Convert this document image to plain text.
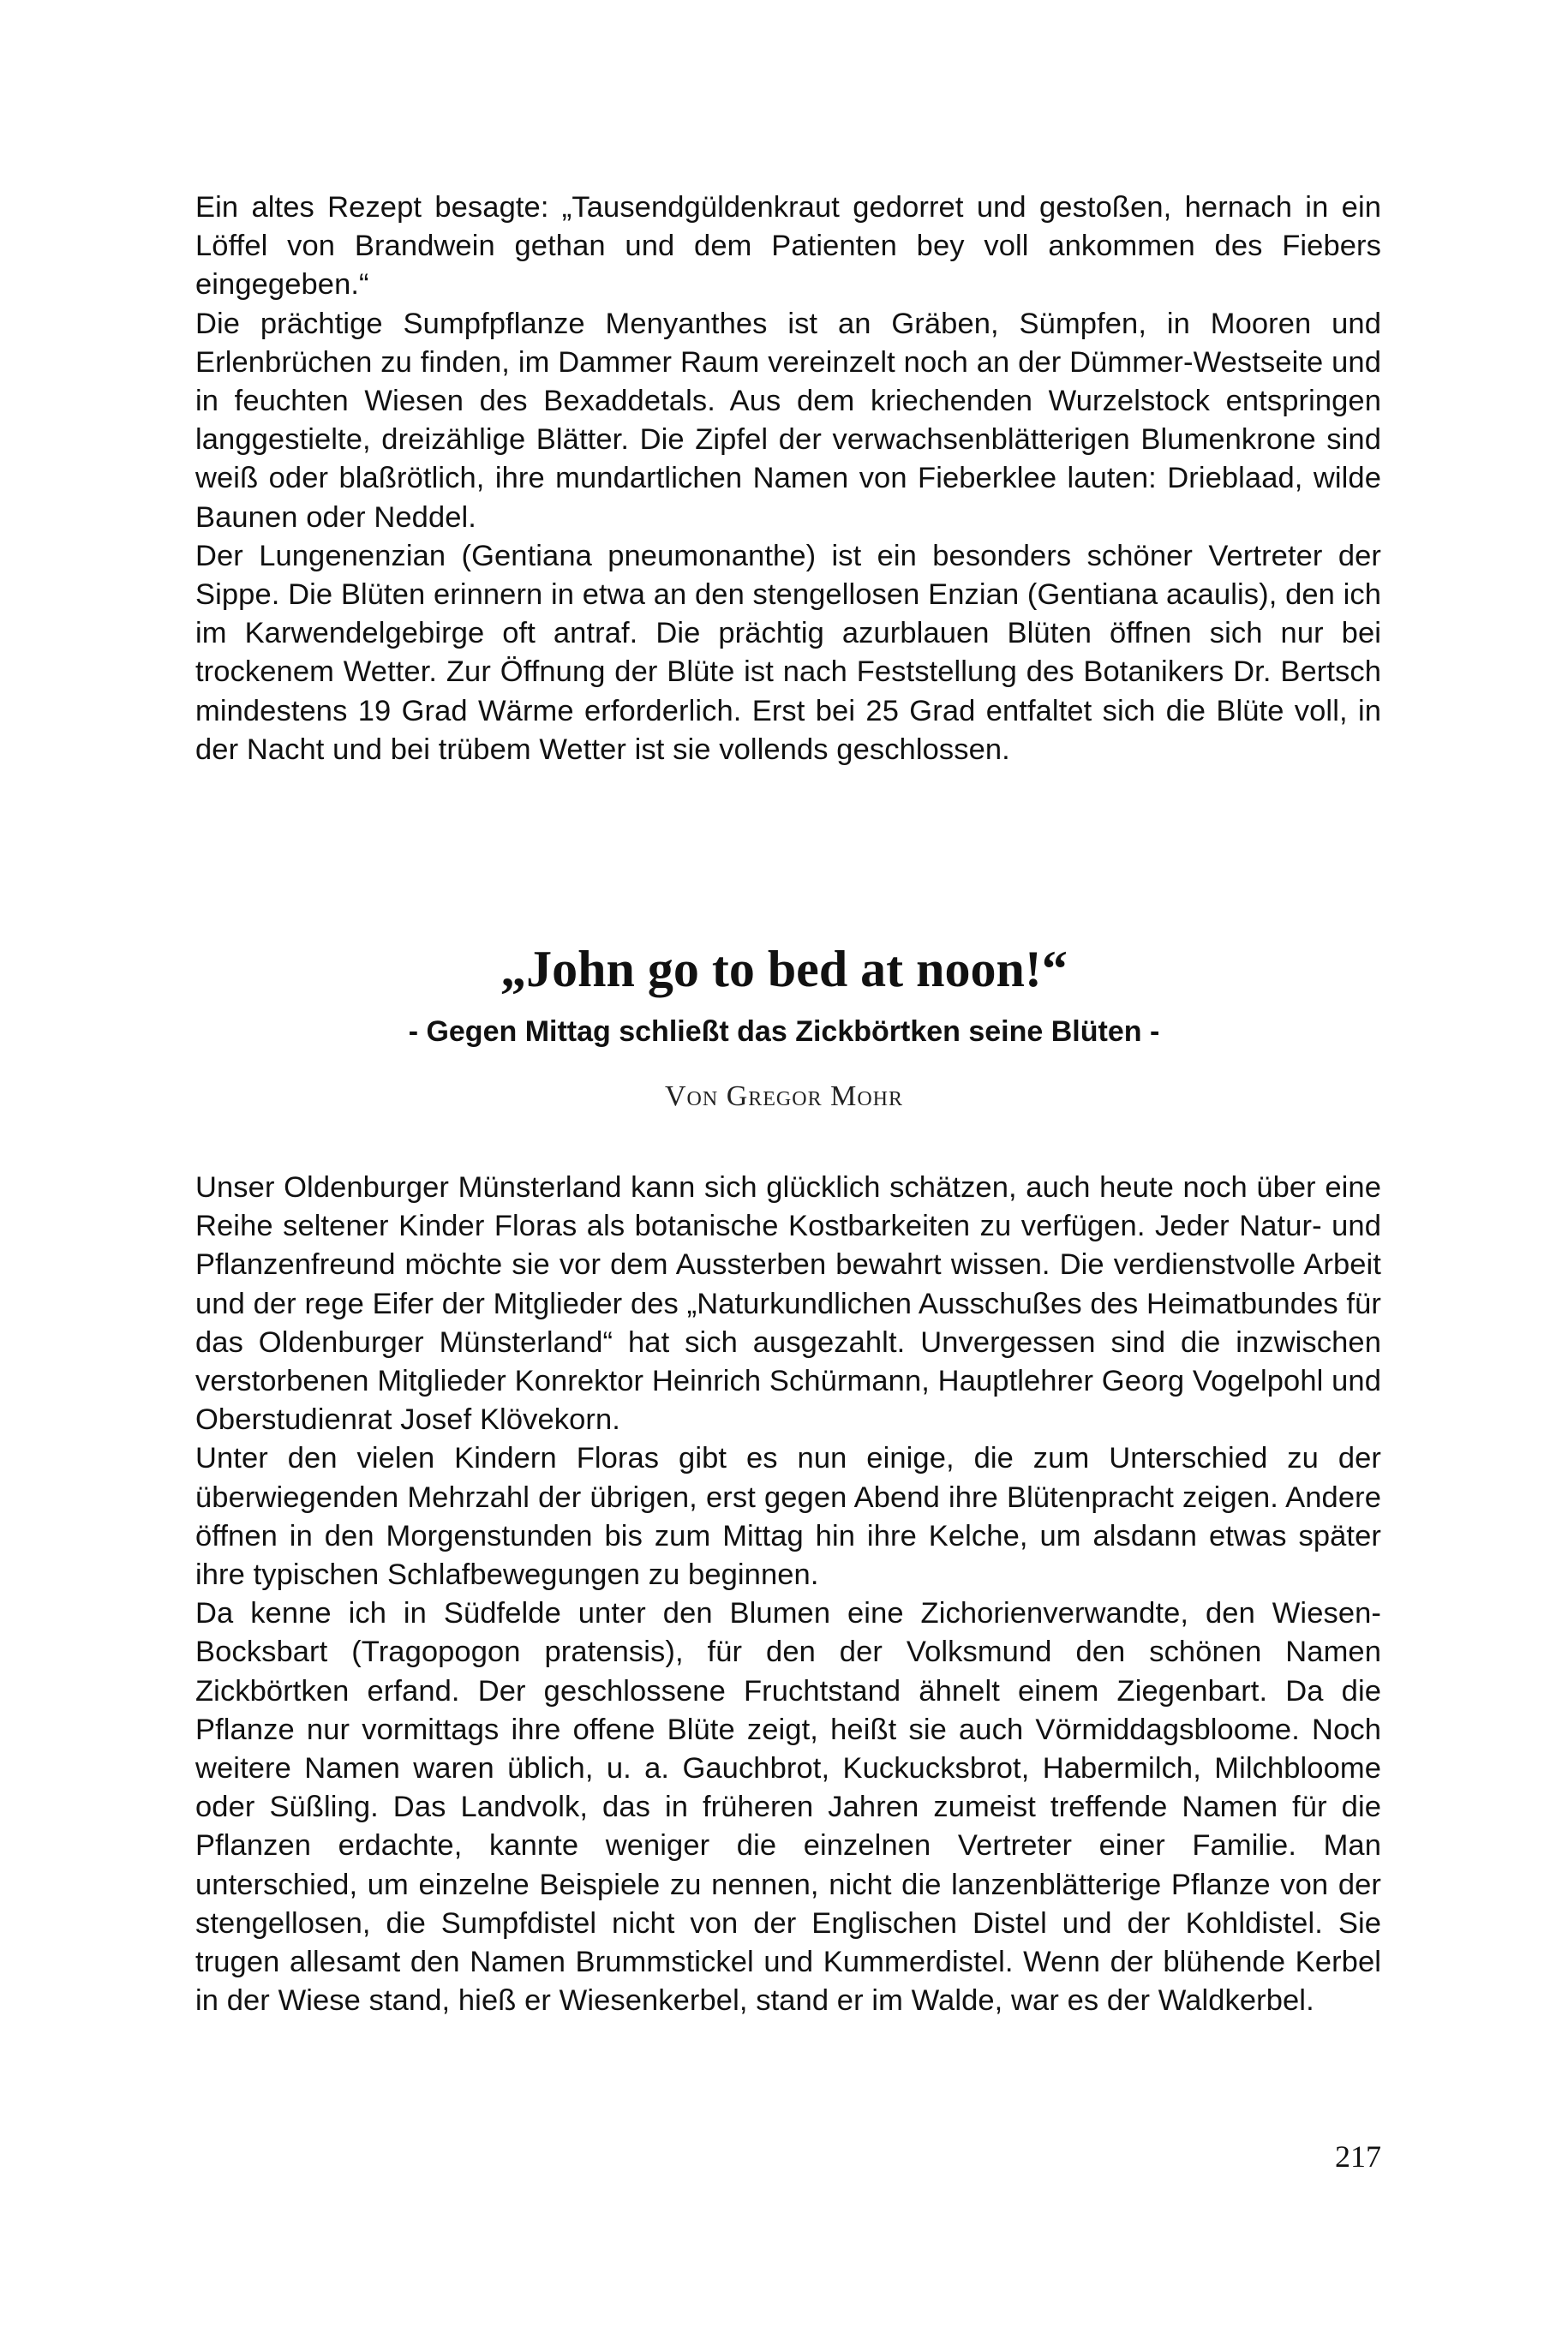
Ein altes Rezept besagte: „Tausendgüldenkraut gedorret und gestoßen, hernach in ein Löffel von Brandwein gethan und dem Patienten bey voll ankommen des Fiebers eingegeben.“

Die prächtige Sumpfpflanze Menyanthes ist an Gräben, Sümpfen, in Mooren und Erlenbrüchen zu finden, im Dammer Raum vereinzelt noch an der Dümmer-Westseite und in feuchten Wiesen des Bexaddetals. Aus dem kriechenden Wurzelstock entspringen langgestielte, dreizählige Blätter. Die Zipfel der verwachsenblätterigen Blumenkrone sind weiß oder blaßrötlich, ihre mundartlichen Namen von Fieberklee lauten: Drieblaad, wilde Baunen oder Neddel.

Der Lungenenzian (Gentiana pneumonanthe) ist ein besonders schöner Vertreter der Sippe. Die Blüten erinnern in etwa an den stengellosen Enzian (Gentiana acaulis), den ich im Karwendelgebirge oft antraf. Die prächtig azurblauen Blüten öffnen sich nur bei trockenem Wetter. Zur Öffnung der Blüte ist nach Feststellung des Botanikers Dr. Bertsch mindestens 19 Grad Wärme erforderlich. Erst bei 25 Grad entfaltet sich die Blüte voll, in der Nacht und bei trübem Wetter ist sie vollends geschlossen.

„John go to bed at noon!“
- Gegen Mittag schließt das Zickbörtken seine Blüten -
Von Gregor Mohr

Unser Oldenburger Münsterland kann sich glücklich schätzen, auch heute noch über eine Reihe seltener Kinder Floras als botanische Kostbarkeiten zu verfügen. Jeder Natur- und Pflanzenfreund möchte sie vor dem Aussterben bewahrt wissen. Die verdienstvolle Arbeit und der rege Eifer der Mitglieder des „Naturkundlichen Ausschußes des Heimatbundes für das Oldenburger Münsterland“ hat sich ausgezahlt. Unvergessen sind die inzwischen verstorbenen Mitglieder Konrektor Heinrich Schürmann, Hauptlehrer Georg Vogelpohl und Oberstudienrat Josef Klövekorn.

Unter den vielen Kindern Floras gibt es nun einige, die zum Unterschied zu der überwiegenden Mehrzahl der übrigen, erst gegen Abend ihre Blütenpracht zeigen. Andere öffnen in den Morgenstunden bis zum Mittag hin ihre Kelche, um alsdann etwas später ihre typischen Schlafbewegungen zu beginnen.

Da kenne ich in Südfelde unter den Blumen eine Zichorienverwandte, den Wiesen-Bocksbart (Tragopogon pratensis), für den der Volksmund den schönen Namen Zickbörtken erfand. Der geschlossene Fruchtstand ähnelt einem Ziegenbart. Da die Pflanze nur vormittags ihre offene Blüte zeigt, heißt sie auch Vörmiddagsbloome. Noch weitere Namen waren üblich, u. a. Gauchbrot, Kuckucksbrot, Habermilch, Milchbloome oder Süßling. Das Landvolk, das in früheren Jahren zumeist treffende Namen für die Pflanzen erdachte, kannte weniger die einzelnen Vertreter einer Familie. Man unterschied, um einzelne Beispiele zu nennen, nicht die lanzenblätterige Pflanze von der stengellosen, die Sumpfdistel nicht von der Englischen Distel und der Kohldistel. Sie trugen allesamt den Namen Brummstickel und Kummerdistel. Wenn der blühende Kerbel in der Wiese stand, hieß er Wiesenkerbel, stand er im Walde, war es der Waldkerbel.

217
